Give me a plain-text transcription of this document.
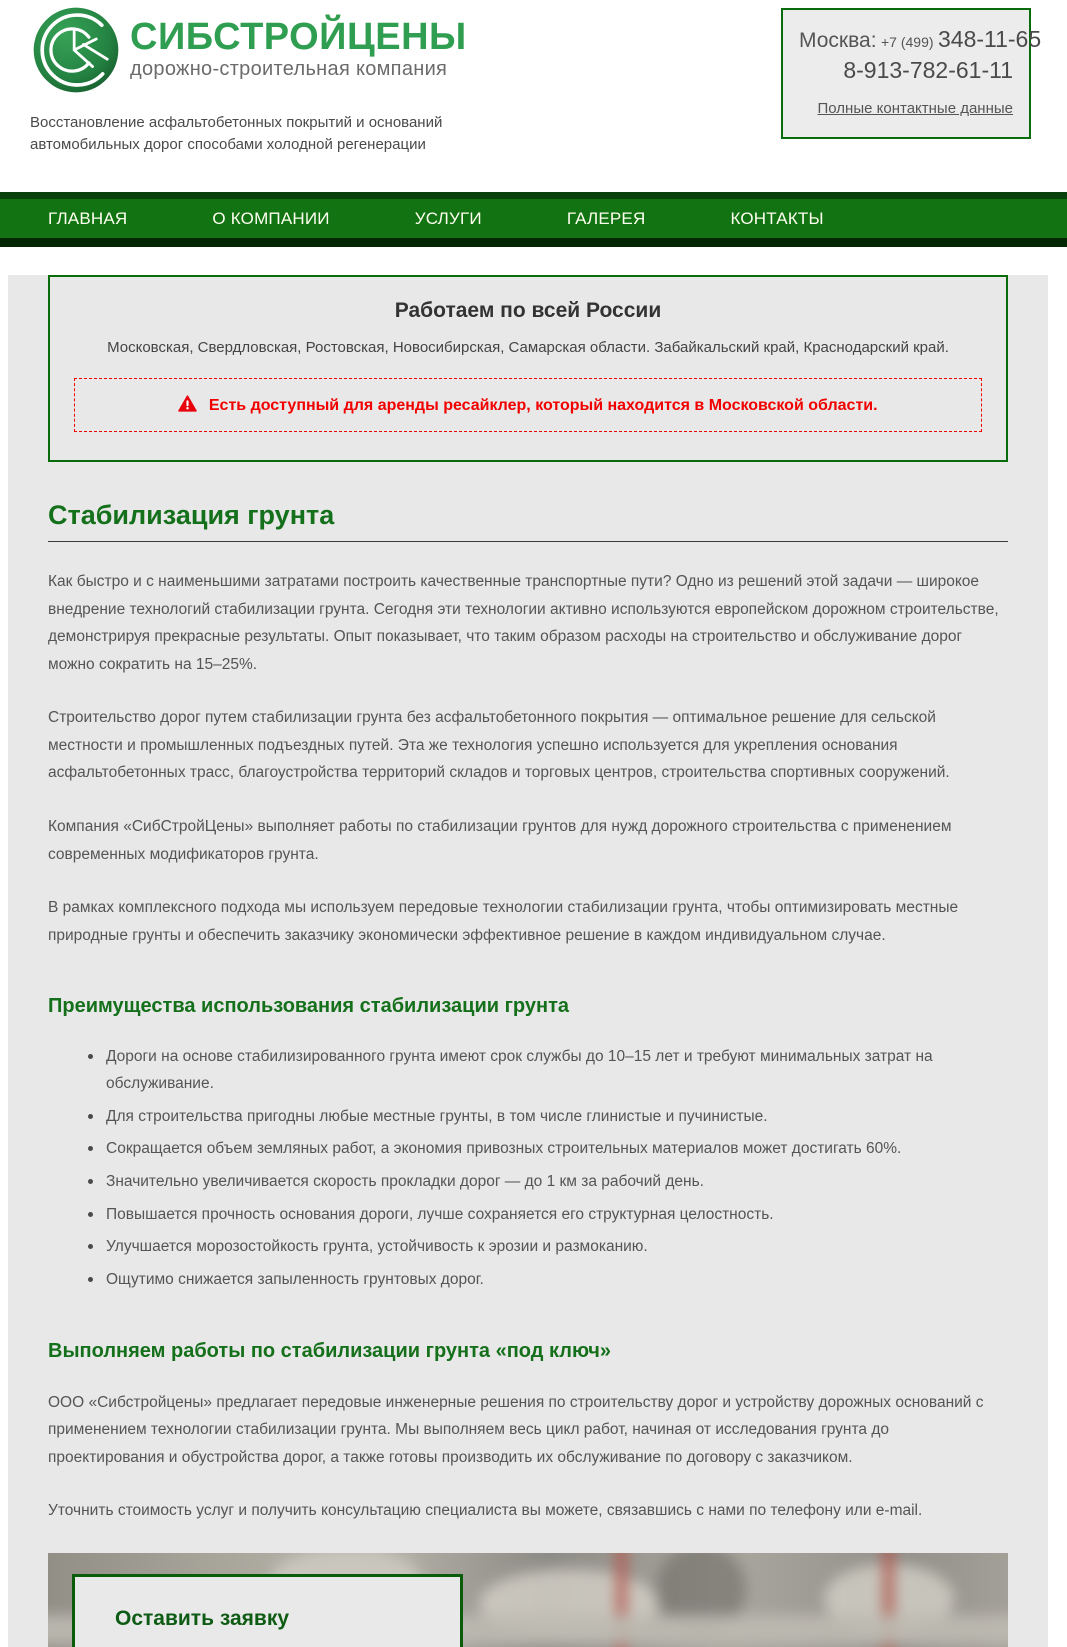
СИБСТРОЙЦЕНЫ
дорожно-строительная компания

Восстановление асфальтобетонных покрытий и оснований автомобильных дорог способами холодной регенерации

Москва: +7 (499) 348-11-65
8-913-782-61-11
Полные контактные данные
ГЛАВНАЯ	О КОМПАНИИ	УСЛУГИ	ГАЛЕРЕЯ	КОНТАКТЫ
Работаем по всей России
Московская, Свердловская, Ростовская, Новосибирская, Самарская области. Забайкальский край, Краснодарский край.
Есть доступный для аренды ресайклер, который находится в Московской области.
Стабилизация грунта

Как быстро и с наименьшими затратами построить качественные транспортные пути? Одно из решений этой задачи — широкое внедрение технологий стабилизации грунта. Сегодня эти технологии активно используются европейском дорожном строительстве, демонстрируя прекрасные результаты. Опыт показывает, что таким образом расходы на строительство и обслуживание дорог можно сократить на 15–25%.

Строительство дорог путем стабилизации грунта без асфальтобетонного покрытия — оптимальное решение для сельской местности и промышленных подъездных путей. Эта же технология успешно используется для укрепления основания асфальтобетонных трасс, благоустройства территорий складов и торговых центров, строительства спортивных сооружений.

Компания «СибСтройЦены» выполняет работы по стабилизации грунтов для нужд дорожного строительства с применением современных модификаторов грунта.

В рамках комплексного подхода мы используем передовые технологии стабилизации грунта, чтобы оптимизировать местные природные грунты и обеспечить заказчику экономически эффективное решение в каждом индивидуальном случае.

Преимущества использования стабилизации грунта
Дороги на основе стабилизированного грунта имеют срок службы до 10–15 лет и требуют минимальных затрат на обслуживание.
Для строительства пригодны любые местные грунты, в том числе глинистые и пучинистые.
Сокращается объем земляных работ, а экономия привозных строительных материалов может достигать 60%.
Значительно увеличивается скорость прокладки дорог — до 1 км за рабочий день.
Повышается прочность основания дороги, лучше сохраняется его структурная целостность.
Улучшается морозостойкость грунта, устойчивость к эрозии и размоканию.
Ощутимо снижается запыленность грунтовых дорог.
Выполняем работы по стабилизации грунта «под ключ»

ООО «Сибстройцены» предлагает передовые инженерные решения по строительству дорог и устройству дорожных оснований с применением технологии стабилизации грунта. Мы выполняем весь цикл работ, начиная от исследования грунта до проектирования и обустройства дорог, а также готовы производить их обслуживание по договору с заказчиком.

Уточнить стоимость услуг и получить консультацию специалиста вы можете, связавшись с нами по телефону или e-mail.

Оставить заявку
